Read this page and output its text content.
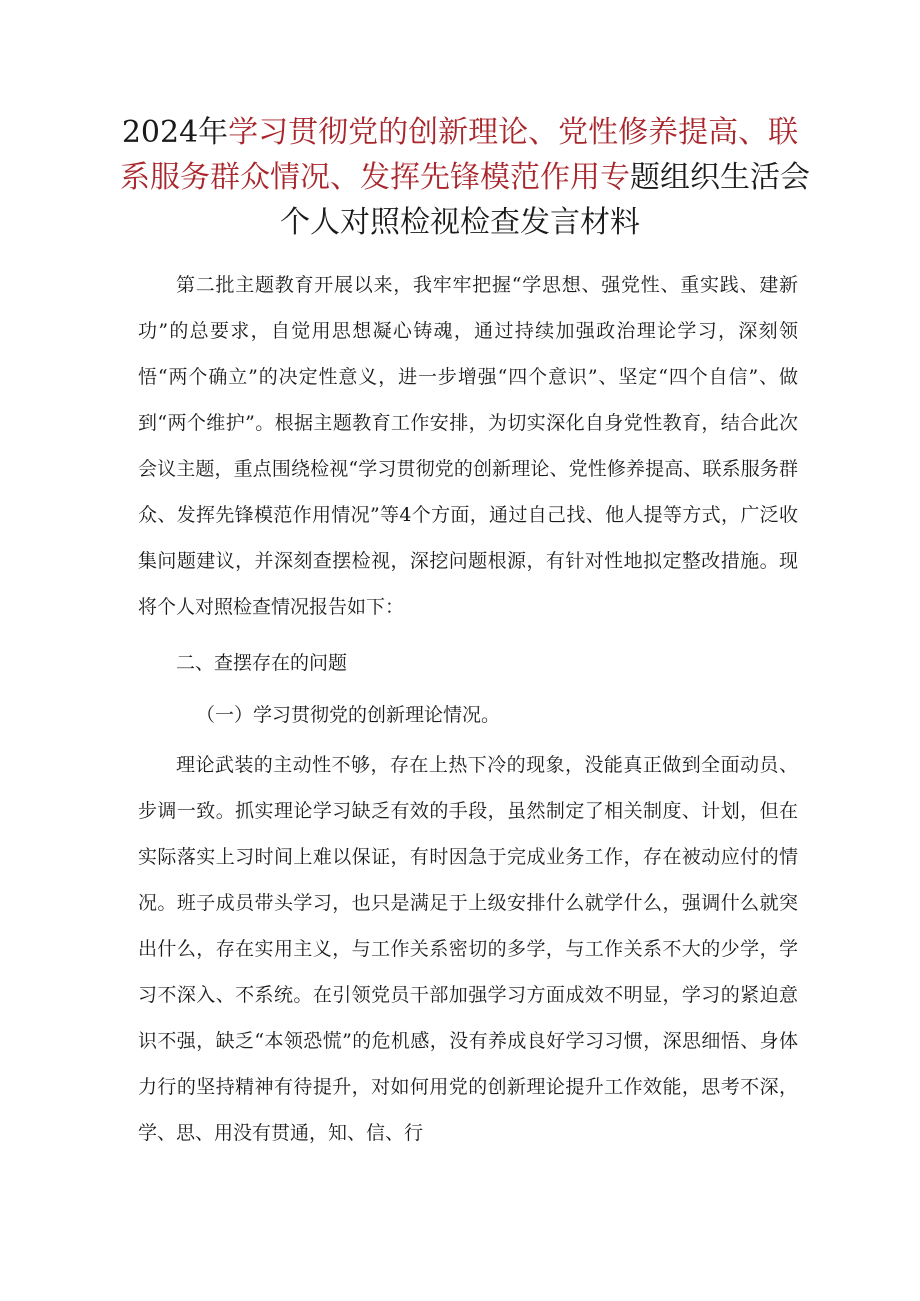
2024年学习贯彻党的创新理论、党性修养提高、联
系服务群众情况、发挥先锋模范作用专题组织生活会
个人对照检视检查发言材料

第二批主题教育开展以来，我牢牢把握“学思想、强党性、重实践、建新功”的总要求，自觉用思想凝心铸魂，通过持续加强政治理论学习，深刻领悟“两个确立”的决定性意义，进一步增强“四个意识”、坚定“四个自信”、做到“两个维护”。根据主题教育工作安排，为切实深化自身党性教育，结合此次会议主题，重点围绕检视“学习贯彻党的创新理论、党性修养提高、联系服务群众、发挥先锋模范作用情况”等4个方面，通过自己找、他人提等方式，广泛收集问题建议，并深刻查摆检视，深挖问题根源，有针对性地拟定整改措施。现将个人对照检查情况报告如下：

二、查摆存在的问题
（一）学习贯彻党的创新理论情况。

理论武装的主动性不够，存在上热下冷的现象，没能真正做到全面动员、步调一致。抓实理论学习缺乏有效的手段，虽然制定了相关制度、计划，但在实际落实上习时间上难以保证，有时因急于完成业务工作，存在被动应付的情况。班子成员带头学习，也只是满足于上级安排什么就学什么，强调什么就突出什么，存在实用主义，与工作关系密切的多学，与工作关系不大的少学，学习不深入、不系统。在引领党员干部加强学习方面成效不明显，学习的紧迫意识不强，缺乏“本领恐慌”的危机感，没有养成良好学习习惯，深思细悟、身体力行的坚持精神有待提升，对如何用党的创新理论提升工作效能，思考不深，学、思、用没有贯通，知、信、行
